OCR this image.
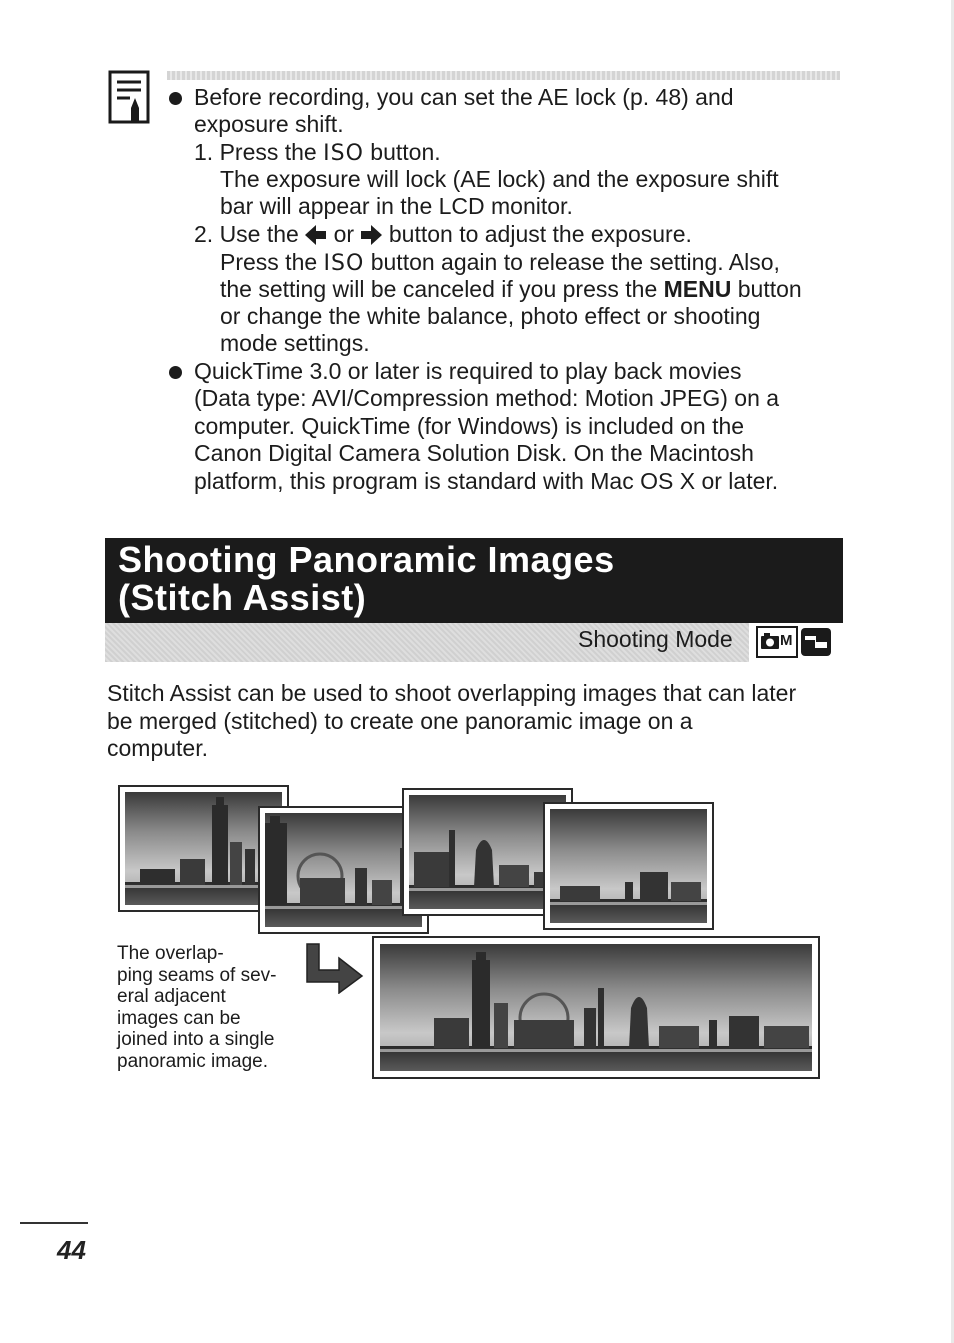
Before recording, you can set the AE lock (p. 48) and
exposure shift.
1. Press the ISO button.
The exposure will lock (AE lock) and the exposure shift
bar will appear in the LCD monitor.
2. Use the  or  button to adjust the exposure.
Press the ISO button again to release the setting. Also,
the setting will be canceled if you press the MENU button
or change the white balance, photo effect or shooting
mode settings.
QuickTime 3.0 or later is required to play back movies
(Data type: AVI/Compression method: Motion JPEG) on a
computer. QuickTime (for Windows) is included on the
Canon Digital Camera Solution Disk. On the Macintosh
platform, this program is standard with Mac OS X or later.
Shooting Panoramic Images
(Stitch Assist)
Shooting Mode	M
Stitch Assist can be used to shoot overlapping images that can later
be merged (stitched) to create one panoramic image on a
computer.
The overlap-
ping seams of sev-
eral adjacent
images can be
joined into a single
panoramic image.
44
